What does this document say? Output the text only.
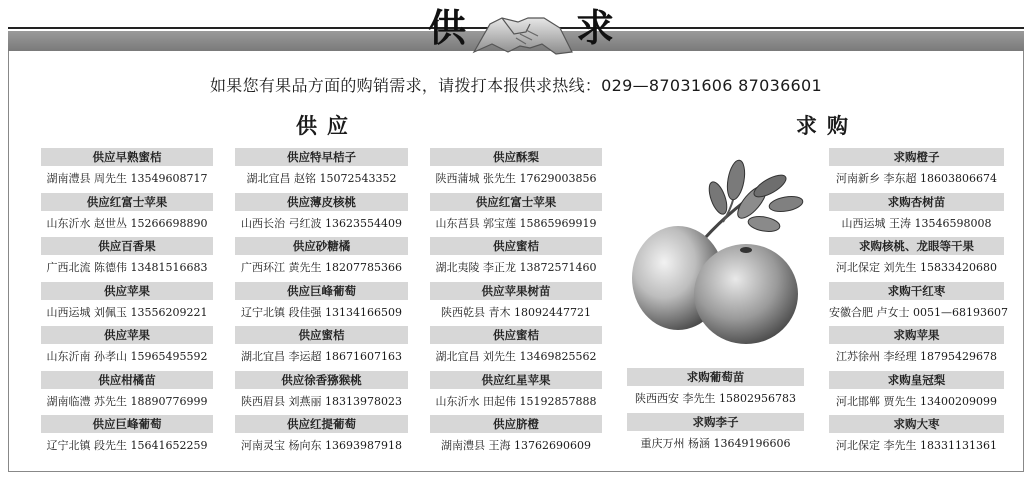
供	求
如果您有果品方面的购销需求，请拨打本报供求热线：029—87031606 87036601
供应	求购
供应早熟蜜桔
湖南澧县 周先生 13549608717
供应红富士苹果
山东沂水 赵世丛 15266698890
供应百香果
广西北流 陈德伟 13481516683
供应苹果
山西运城 刘佩玉 13556209221
供应苹果
山东沂南 孙孝山 15965495592
供应柑橘苗
湖南临澧 苏先生 18890776999
供应巨峰葡萄
辽宁北镇 段先生 15641652259
供应特早桔子
湖北宜昌 赵铭 15072543352
供应薄皮核桃
山西长治 弓红波 13623554409
供应砂糖橘
广西环江 黄先生 18207785366
供应巨峰葡萄
辽宁北镇 段佳强 13134166509
供应蜜桔
湖北宜昌 李运超 18671607163
供应徐香猕猴桃
陕西眉县 刘燕丽 18313978023
供应红提葡萄
河南灵宝 杨向东 13693987918
供应酥梨
陕西蒲城 张先生 17629003856
供应红富士苹果
山东莒县 郭宝莲 15865969919
供应蜜桔
湖北夷陵 李正龙 13872571460
供应苹果树苗
陕西乾县 青木 18092447721
供应蜜桔
湖北宜昌 刘先生 13469825562
供应红星苹果
山东沂水 田起伟 15192857888
供应脐橙
湖南澧县 王海 13762690609
求购葡萄苗
陕西西安 李先生 15802956783
求购李子
重庆万州 杨涵 13649196606
求购橙子
河南新乡 李东超 18603806674
求购杏树苗
山西运城 王涛 13546598008
求购核桃、龙眼等干果
河北保定 刘先生 15833420680
求购干红枣
安徽合肥 卢女士 0051—68193607
求购苹果
江苏徐州 李经理 18795429678
求购皇冠梨
河北邯郸 贾先生 13400209099
求购大枣
河北保定 李先生 18331131361
